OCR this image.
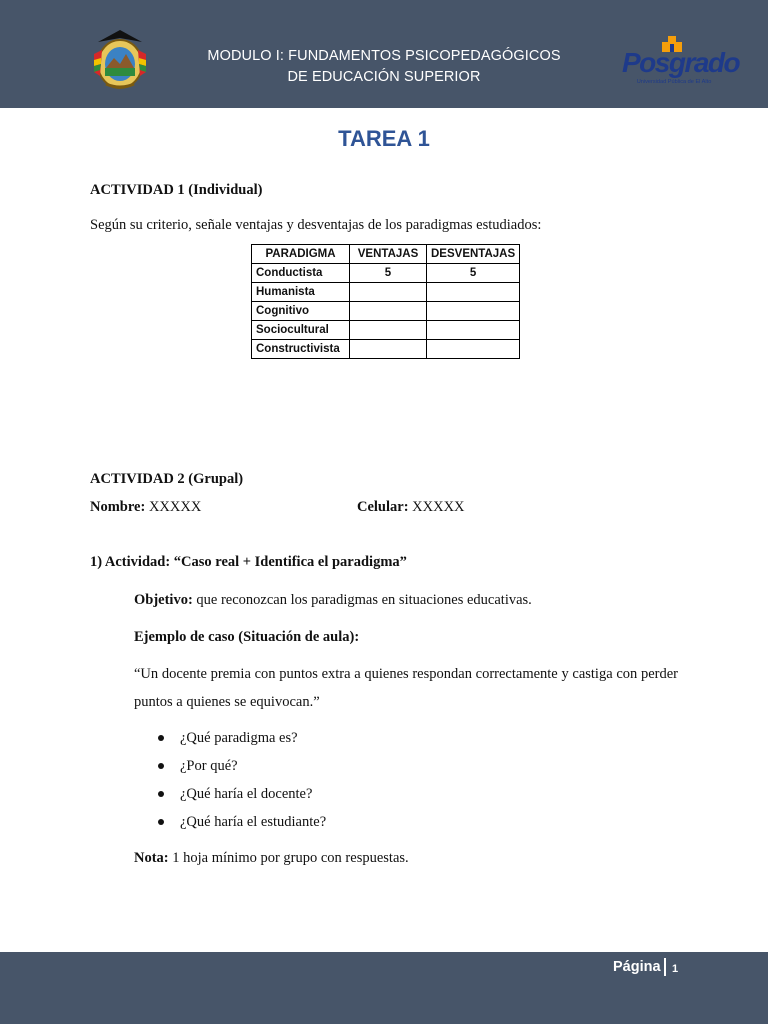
MODULO I: FUNDAMENTOS PSICOPEDAGÓGICOS
DE EDUCACIÓN SUPERIOR	Posgrado
Universidad Pública de El Alto
TAREA 1
ACTIVIDAD 1 (Individual)
Según su criterio, señale ventajas y desventajas de los paradigmas estudiados:
PARADIGMA	VENTAJAS	DESVENTAJAS
Conductista	5	5
Humanista		
Cognitivo		
Sociocultural		
Constructivista		
ACTIVIDAD 2 (Grupal)
Nombre: XXXXX	Celular: XXXXX
1) Actividad: “Caso real + Identifica el paradigma”
Objetivo: que reconozcan los paradigmas en situaciones educativas.
Ejemplo de caso (Situación de aula):
“Un docente premia con puntos extra a quienes respondan correctamente y castiga con perder puntos a quienes se equivocan.”
¿Qué paradigma es?
¿Por qué?
¿Qué haría el docente?
¿Qué haría el estudiante?
Nota: 1 hoja mínimo por grupo con respuestas.
Página 1
